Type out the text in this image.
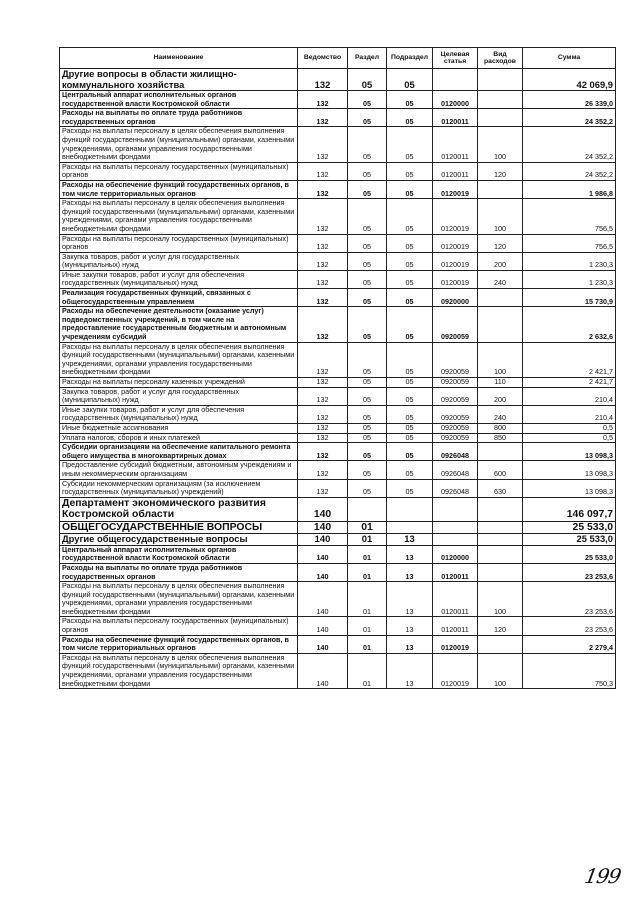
Наименование	Ведомство	Раздел	Подраздел	Целевая статья	Вид расходов	Сумма
Другие вопросы в области жилищно-коммунального хозяйства	132	05	05			42 069,9
Центральный аппарат исполнительных органов государственной власти Костромской области	132	05	05	0120000		26 339,0
Расходы на выплаты по оплате труда работников государственных органов	132	05	05	0120011		24 352,2
Расходы на выплаты персоналу в целях обеспечения выполнения функций государственными (муниципальными) органами, казенными учреждениями, органами управления государственными внебюджетными фондами	132	05	05	0120011	100	24 352,2
Расходы на выплаты персоналу государственных (муниципальных) органов	132	05	05	0120011	120	24 352,2
Расходы на обеспечение функций государственных органов, в том числе территориальных органов	132	05	05	0120019		1 986,8
Расходы на выплаты персоналу в целях обеспечения выполнения функций государственными (муниципальными) органами, казенными учреждениями, органами управления государственными внебюджетными фондами	132	05	05	0120019	100	756,5
Расходы на выплаты персоналу государственных (муниципальных) органов	132	05	05	0120019	120	756,5
Закупка товаров, работ и услуг для государственных (муниципальных) нужд	132	05	05	0120019	200	1 230,3
Иные закупки товаров, работ и услуг для обеспечения государственных (муниципальных) нужд	132	05	05	0120019	240	1 230,3
Реализация государственных функций, связанных с общегосударственным управлением	132	05	05	0920000		15 730,9
Расходы на обеспечение деятельности (оказание услуг) подведомственных учреждений, в том числе на предоставление государственным бюджетным и автономным учреждениям субсидий	132	05	05	0920059		2 632,6
Расходы на выплаты персоналу в целях обеспечения выполнения функций государственными (муниципальными) органами, казенными учреждениями, органами управления государственными внебюджетными фондами	132	05	05	0920059	100	2 421,7
Расходы на выплаты персоналу казенных учреждений	132	05	05	0920059	110	2 421,7
Закупка товаров, работ и услуг для государственных (муниципальных) нужд	132	05	05	0920059	200	210,4
Иные закупки товаров, работ и услуг для обеспечения государственных (муниципальных) нужд	132	05	05	0920059	240	210,4
Иные бюджетные ассигнования	132	05	05	0920059	800	0,5
Уплата налогов, сборов и иных платежей	132	05	05	0920059	850	0,5
Субсидии организациям на обеспечение капитального ремонта общего имущества в многоквартирных домах	132	05	05	0926048		13 098,3
Предоставление субсидий бюджетным, автономным учреждениям и иным некоммерческим организациям	132	05	05	0926048	600	13 098,3
Субсидии некоммерческим организациям (за исключением государственных (муниципальных) учреждений)	132	05	05	0926048	630	13 098,3
Департамент экономического развития Костромской области	140					146 097,7
ОБЩЕГОСУДАРСТВЕННЫЕ ВОПРОСЫ	140	01				25 533,0
Другие общегосударственные вопросы	140	01	13			25 533,0
Центральный аппарат исполнительных органов государственной власти Костромской области	140	01	13	0120000		25 533,0
Расходы на выплаты по оплате труда работников государственных органов	140	01	13	0120011		23 253,6
Расходы на выплаты персоналу в целях обеспечения выполнения функций государственными (муниципальными) органами, казенными учреждениями, органами управления государственными внебюджетными фондами	140	01	13	0120011	100	23 253,6
Расходы на выплаты персоналу государственных (муниципальных) органов	140	01	13	0120011	120	23 253,6
Расходы на обеспечение функций государственных органов, в том числе территориальных органов	140	01	13	0120019		2 279,4
Расходы на выплаты персоналу в целях обеспечения выполнения функций государственными (муниципальными) органами, казенными учреждениями, органами управления государственными внебюджетными фондами	140	01	13	0120019	100	750,3
199
